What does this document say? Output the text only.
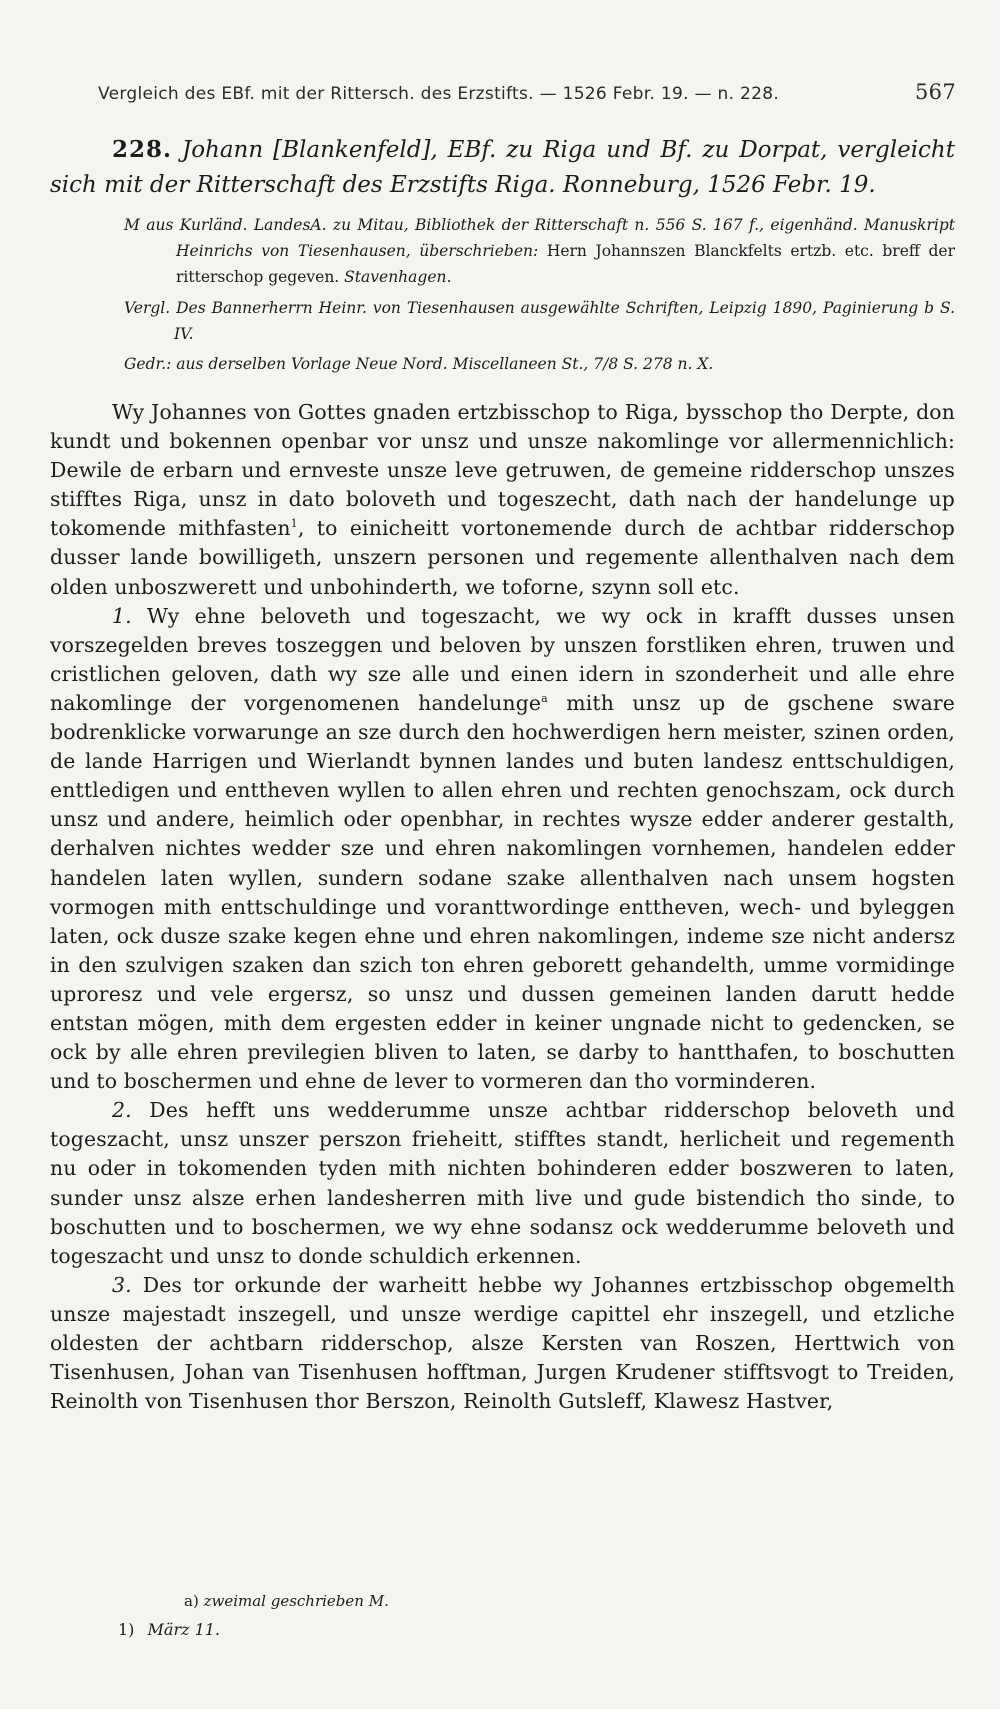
Vergleich des EBf. mit der Rittersch. des Erzstifts. — 1526 Febr. 19. — n. 228.	567
228. Johann [Blankenfeld], EBf. zu Riga und Bf. zu Dorpat, vergleicht sich mit der Ritterschaft des Erzstifts Riga. Ronneburg, 1526 Febr. 19.

M aus Kurländ. LandesA. zu Mitau, Bibliothek der Ritterschaft n. 556 S. 167 f., eigenhänd. Manuskript Heinrichs von Tiesenhausen, überschrieben: Hern Johannszen Blanckfelts ertzb. etc. breff der ritterschop gegeven. Stavenhagen.

Vergl. Des Bannerherrn Heinr. von Tiesenhausen ausgewählte Schriften, Leipzig 1890, Paginierung b S. IV.

Gedr.: aus derselben Vorlage Neue Nord. Miscellaneen St., 7/8 S. 278 n. X.

Wy Johannes von Gottes gnaden ertzbisschop to Riga, bysschop tho Derpte, don kundt und bokennen openbar vor unsz und unsze nakomlinge vor allermennichlich: Dewile de erbarn und ernveste unsze leve getruwen, de gemeine ridderschop unszes stifftes Riga, unsz in dato boloveth und togeszecht, dath nach der handelunge up tokomende mithfasten$^1$, to einicheitt vortonemende durch de achtbar ridderschop dusser lande bowilligeth, unszern personen und regemente allenthalven nach dem olden unboszwerett und unbohinderth, we toforne, szynn soll etc.

1. Wy ehne beloveth und togeszacht, we wy ock in krafft dusses unsen vorszegelden breves toszeggen und beloven by unszen forstliken ehren, truwen und cristlichen geloven, dath wy sze alle und einen idern in szonderheit und alle ehre nakomlinge der vorgenomenen handelunge$^a$ mith unsz up de gschene sware bodrenklicke vorwarunge an sze durch den hochwerdigen hern meister, szinen orden, de lande Harrigen und Wierlandt bynnen landes und buten landesz enttschuldigen, enttledigen und enttheven wyllen to allen ehren und rechten genochszam, ock durch unsz und andere, heimlich oder openbhar, in rechtes wysze edder anderer gestalth, derhalven nichtes wedder sze und ehren nakomlingen vornhemen, handelen edder handelen laten wyllen, sundern sodane szake allenthalven nach unsem hogsten vormogen mith enttschuldinge und voranttwordinge enttheven, wech- und byleggen laten, ock dusze szake kegen ehne und ehren nakomlingen, indeme sze nicht andersz in den szulvigen szaken dan szich ton ehren geborett gehandelth, umme vormidinge uproresz und vele ergersz, so unsz und dussen gemeinen landen darutt hedde entstan mögen, mith dem ergesten edder in keiner ungnade nicht to gedencken, se ock by alle ehren previlegien bliven to laten, se darby to hantthafen, to boschutten und to boschermen und ehne de lever to vormeren dan tho vorminderen.

2. Des hefft uns wedderumme unsze achtbar ridderschop beloveth und togeszacht, unsz unszer perszon frieheitt, stifftes standt, herlicheit und regementh nu oder in tokomenden tyden mith nichten bohinderen edder boszweren to laten, sunder unsz alsze erhen landesherren mith live und gude bistendich tho sinde, to boschutten und to boschermen, we wy ehne sodansz ock wedderumme beloveth und togeszacht und unsz to donde schuldich erkennen.

3. Des tor orkunde der warheitt hebbe wy Johannes ertzbisschop obgemelth unsze majestadt inszegell, und unsze werdige capittel ehr inszegell, und etzliche oldesten der achtbarn ridderschop, alsze Kersten van Roszen, Herttwich von Tisenhusen, Johan van Tisenhusen hofftman, Jurgen Krudener stifftsvogt to Treiden, Reinolth von Tisenhusen thor Berszon, Reinolth Gutsleff, Klawesz Hastver,

a) zweimal geschrieben M.
1) März 11.
